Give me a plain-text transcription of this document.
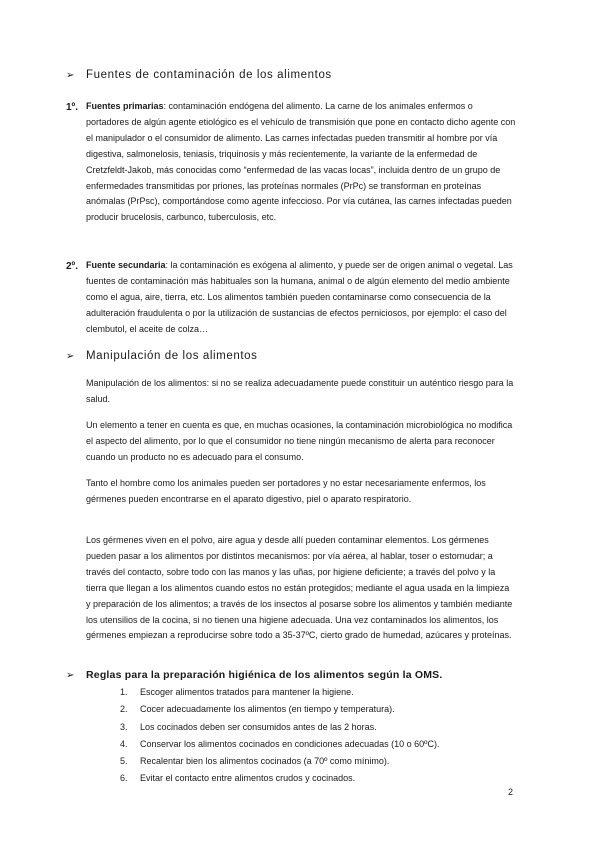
➢ Fuentes de contaminación de los alimentos
1º. Fuentes primarias: contaminación endógena del alimento. La carne de los animales enfermos o portadores de algún agente etiológico es el vehículo de transmisión que pone en contacto dicho agente con el manipulador o el consumidor de alimento. Las carnes infectadas pueden transmitir al hombre por vía digestiva, salmonelosis, teniasis, triquinosis y más recientemente, la variante de la enfermedad de Cretzfeldt-Jakob, más conocidas como “enfermedad de las vacas locas”, incluida dentro de un grupo de enfermedades transmitidas por priones, las proteínas normales (PrPc) se transforman en proteínas anómalas (PrPsc), comportándose como agente infeccioso. Por vía cutánea, las carnes infectadas pueden producir brucelosis, carbunco, tuberculosis, etc.
2º. Fuente secundaria: la contaminación es exógena al alimento, y puede ser de origen animal o vegetal. Las fuentes de contaminación más habituales son la humana, animal o de algún elemento del medio ambiente como el agua, aire, tierra, etc. Los alimentos también pueden contaminarse como consecuencia de la adulteración fraudulenta o por la utilización de sustancias de efectos perniciosos, por ejemplo: el caso del clembutol, el aceite de colza…
➢ Manipulación de los alimentos
Manipulación de los alimentos: si no se realiza adecuadamente puede constituir un auténtico riesgo para la salud.
Un elemento a tener en cuenta es que, en muchas ocasiones, la contaminación microbiológica no modifica el aspecto del alimento, por lo que el consumidor no tiene ningún mecanismo de alerta para reconocer cuando un producto no es adecuado para el consumo.
Tanto el hombre como los animales pueden ser portadores y no estar necesariamente enfermos, los gérmenes pueden encontrarse en el aparato digestivo, piel o aparato respiratorio.
Los gérmenes viven en el polvo, aire agua y desde allí pueden contaminar elementos. Los gérmenes pueden pasar a los alimentos por distintos mecanismos: por vía aérea, al hablar, toser o estornudar; a través del contacto, sobre todo con las manos y las uñas, por higiene deficiente; a través del polvo y la tierra que llegan a los alimentos cuando estos no están protegidos; mediante el agua usada en la limpieza y preparación de los alimentos; a través de los insectos al posarse sobre los alimentos y también mediante los utensilios de la cocina, si no tienen una higiene adecuada. Una vez contaminados los alimentos, los gérmenes empiezan a reproducirse sobre todo a 35-37ºC, cierto grado de humedad, azúcares y proteínas.
➢ Reglas para la preparación higiénica de los alimentos según la OMS.
1.	Escoger alimentos tratados para mantener la higiene.
2.	Cocer adecuadamente los alimentos (en tiempo y temperatura).
3.	Los cocinados deben ser consumidos antes de las 2 horas.
4.	Conservar los alimentos cocinados en condiciones adecuadas (10 o 60ºC).
5.	Recalentar bien los alimentos cocinados (a 70º como mínimo).
6.	Evitar el contacto entre alimentos crudos y cocinados.
2
